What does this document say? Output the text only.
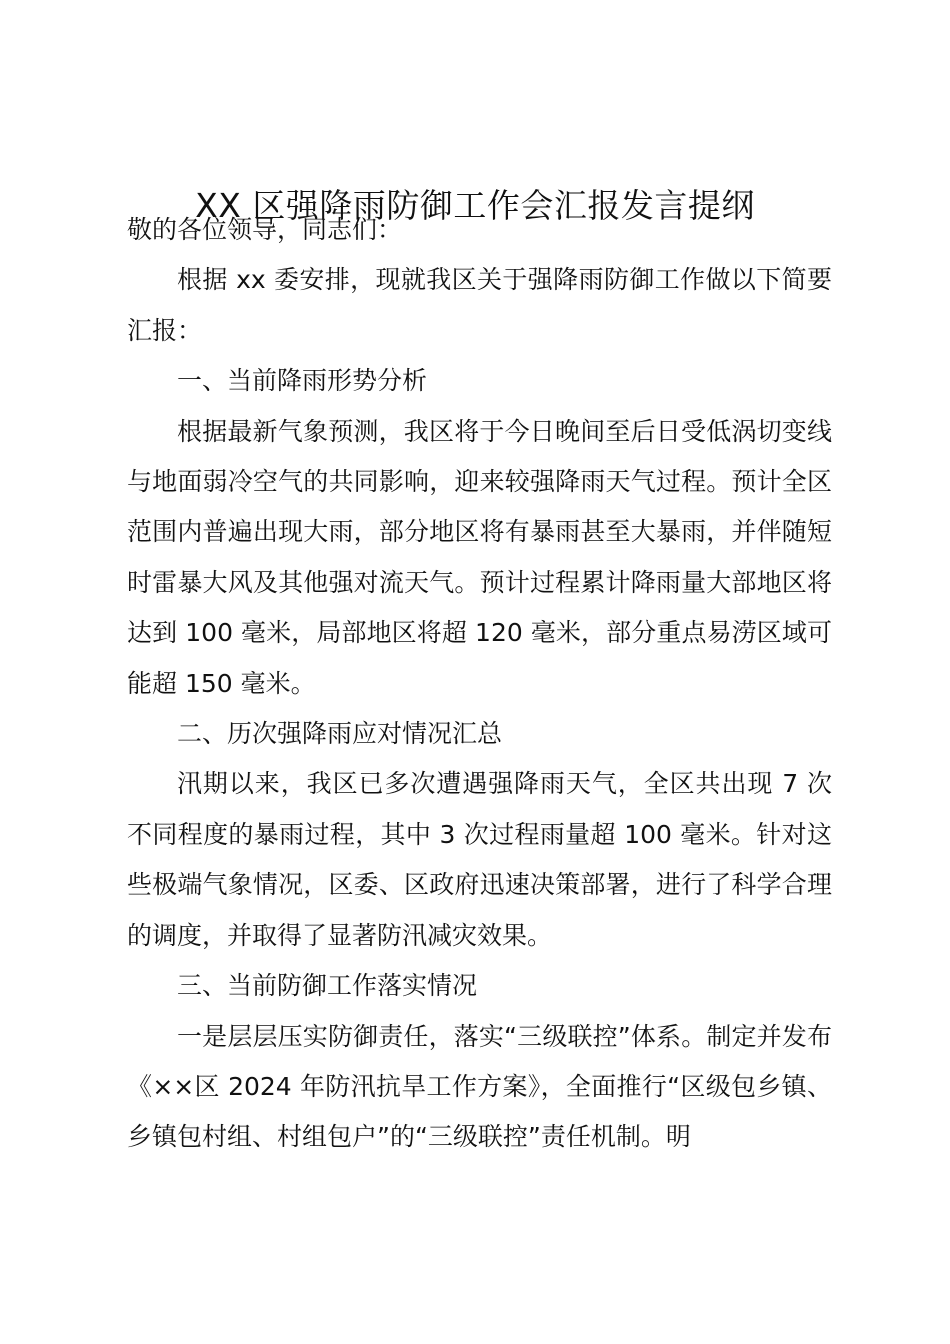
XX 区强降雨防御工作会汇报发言提纲

敬的各位领导，同志们：

根据 xx 委安排，现就我区关于强降雨防御工作做以下简要汇报：

一、当前降雨形势分析

根据最新气象预测，我区将于今日晚间至后日受低涡切变线与地面弱冷空气的共同影响，迎来较强降雨天气过程。预计全区范围内普遍出现大雨，部分地区将有暴雨甚至大暴雨，并伴随短时雷暴大风及其他强对流天气。预计过程累计降雨量大部地区将达到 100 毫米，局部地区将超 120 毫米，部分重点易涝区域可能超 150 毫米。

二、历次强降雨应对情况汇总

汛期以来，我区已多次遭遇强降雨天气，全区共出现 7 次不同程度的暴雨过程，其中 3 次过程雨量超 100 毫米。针对这些极端气象情况，区委、区政府迅速决策部署，进行了科学合理的调度，并取得了显著防汛减灾效果。

三、当前防御工作落实情况

一是层层压实防御责任，落实“三级联控”体系。制定并发布《××区 2024 年防汛抗旱工作方案》，全面推行“区级包乡镇、乡镇包村组、村组包户”的“三级联控”责任机制。明
